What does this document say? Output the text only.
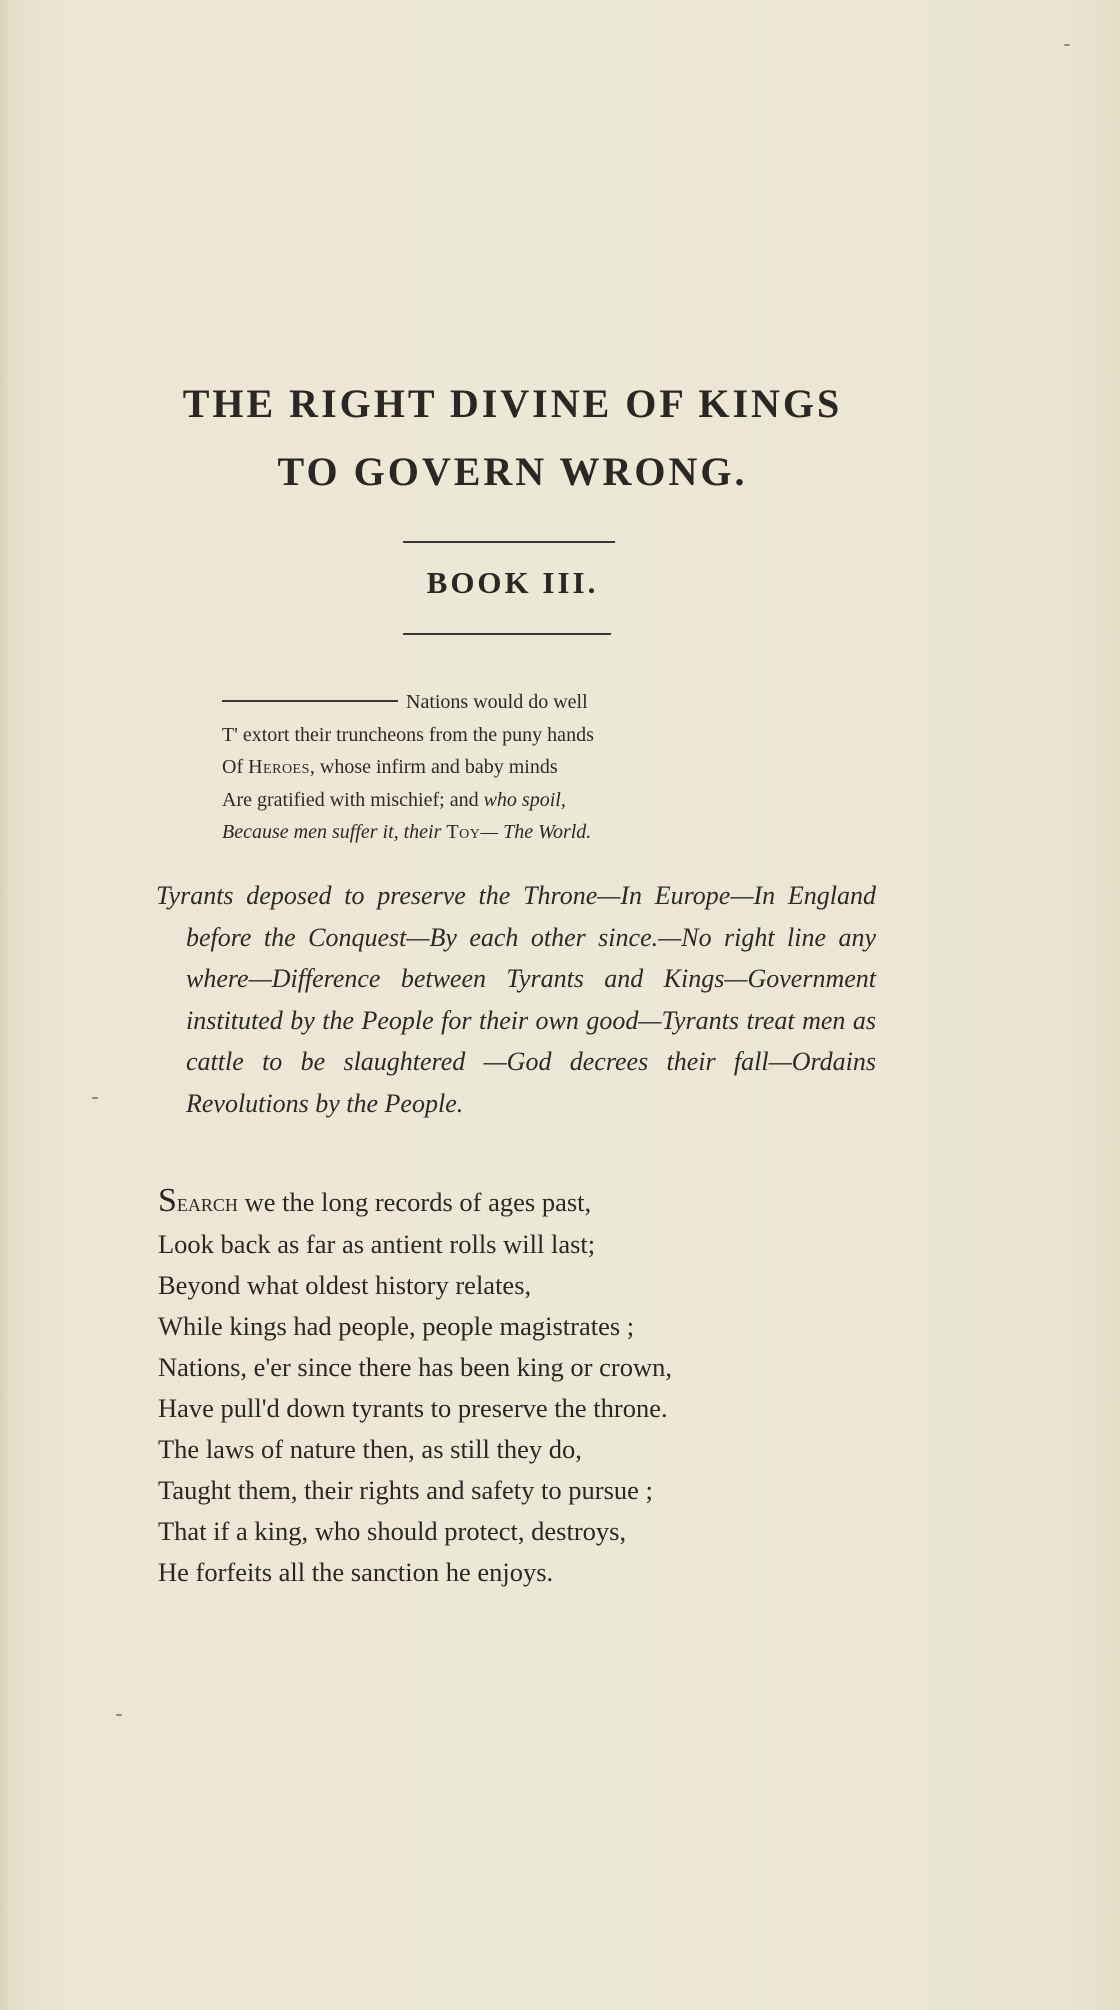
THE RIGHT DIVINE OF KINGS
TO GOVERN WRONG.
BOOK III.
Nations would do well
T' extort their truncheons from the puny hands
Of Heroes, whose infirm and baby minds
Are gratified with mischief; and who spoil,
Because men suffer it, their Toy— The World.

Tyrants deposed to preserve the Throne—In Europe—In England before the Conquest—By each other since.—No right line any where—Difference between Tyrants and Kings—Government instituted by the People for their own good—Tyrants treat men as cattle to be slaughtered —God decrees their fall—Ordains Revolutions by the People.

Search we the long records of ages past,
Look back as far as antient rolls will last;
Beyond what oldest history relates,
While kings had people, people magistrates ;
Nations, e'er since there has been king or crown,
Have pull'd down tyrants to preserve the throne.
The laws of nature then, as still they do,
Taught them, their rights and safety to pursue ;
That if a king, who should protect, destroys,
He forfeits all the sanction he enjoys.
